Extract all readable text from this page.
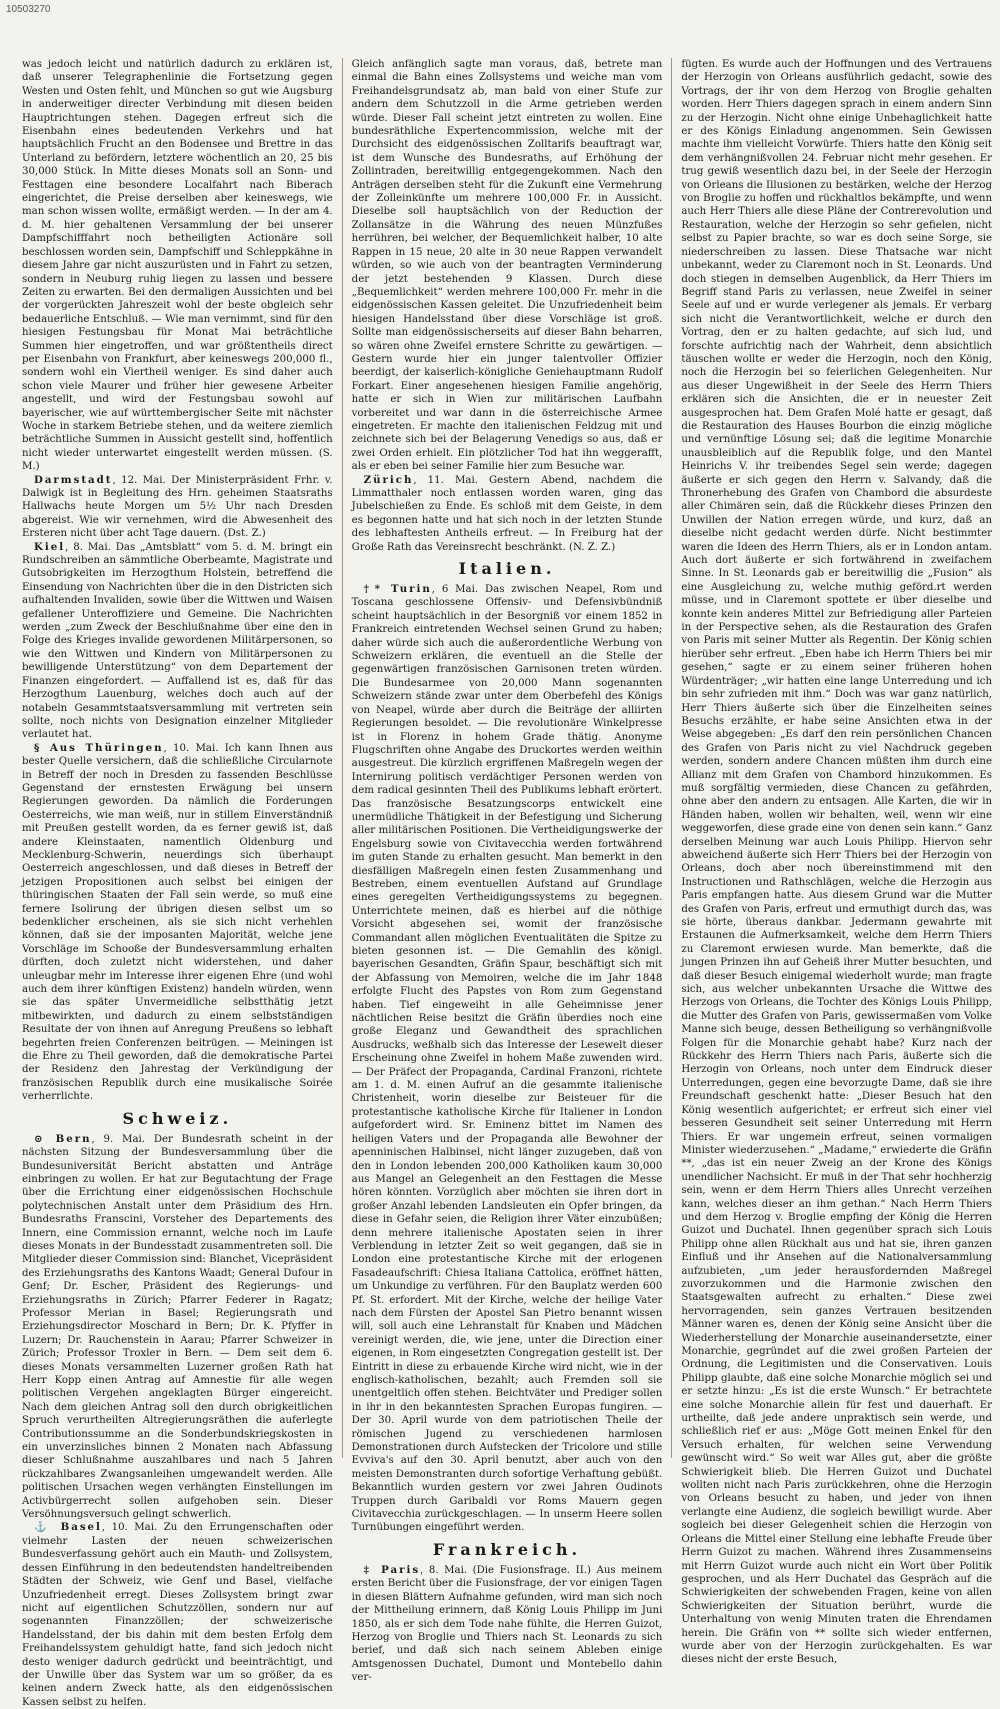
10503270

was jedoch leicht und natürlich dadurch zu erklären ist, daß unserer Telegraphenlinie die Fortsetzung gegen Westen und Osten fehlt, und München so gut wie Augsburg in anderweitiger directer Verbindung mit diesen beiden Hauptrichtungen stehen. Dagegen erfreut sich die Eisenbahn eines bedeutenden Verkehrs und hat hauptsächlich Frucht an den Bodensee und Brettre in das Unterland zu befördern, letztere wöchentlich an 20, 25 bis 30,000 Stück. In Mitte dieses Monats soll an Sonn- und Festtagen eine besondere Localfahrt nach Biberach eingerichtet, die Preise derselben aber keineswegs, wie man schon wissen wollte, ermäßigt werden. — In der am 4. d. M. hier gehaltenen Versammlung der bei unserer Dampfschifffahrt noch betheiligten Actionäre soll beschlossen worden sein, Dampfschiff und Schleppkähne in diesem Jahre gar nicht auszurüsten und in Fahrt zu setzen, sondern in Neuburg ruhig liegen zu lassen und bessere Zeiten zu erwarten. Bei den dermaligen Aussichten und bei der vorgerückten Jahreszeit wohl der beste obgleich sehr bedauerliche Entschluß. — Wie man vernimmt, sind für den hiesigen Festungsbau für Monat Mai beträchtliche Summen hier eingetroffen, und war größtentheils direct per Eisenbahn von Frankfurt, aber keineswegs 200,000 fl., sondern wohl ein Viertheil weniger. Es sind daher auch schon viele Maurer und früher hier gewesene Arbeiter angestellt, und wird der Festungsbau sowohl auf bayerischer, wie auf württembergischer Seite mit nächster Woche in starkem Betriebe stehen, und da weitere ziemlich beträchtliche Summen in Aussicht gestellt sind, hoffentlich nicht wieder unterwartet eingestellt werden müssen. (S. M.)

Darmstadt, 12. Mai. Der Ministerpräsident Frhr. v. Dalwigk ist in Begleitung des Hrn. geheimen Staatsraths Hallwachs heute Morgen um 5½ Uhr nach Dresden abgereist. Wie wir vernehmen, wird die Abwesenheit des Ersteren nicht über acht Tage dauern. (Dst. Z.)

Kiel, 8. Mai. Das „Amtsblatt“ vom 5. d. M. bringt ein Rundschreiben an sämmtliche Oberbeamte, Magistrate und Gutsobrigkeiten im Herzogthum Holstein, betreffend die Einsendung von Nachrichten über die in den Districten sich aufhaltenden Invaliden, sowie über die Wittwen und Waisen gefallener Unteroffiziere und Gemeine. Die Nachrichten werden „zum Zweck der Beschlußnahme über eine den in Folge des Krieges invalide gewordenen Militärpersonen, so wie den Wittwen und Kindern von Militärpersonen zu bewilligende Unterstützung“ von dem Departement der Finanzen eingefordert. — Auffallend ist es, daß für das Herzogthum Lauenburg, welches doch auch auf der notabeln Gesammtstaatsversammlung mit vertreten sein sollte, noch nichts von Designation einzelner Mitglieder verlautet hat.

§ Aus Thüringen, 10. Mai. Ich kann Ihnen aus bester Quelle versichern, daß die schließliche Circularnote in Betreff der noch in Dresden zu fassenden Beschlüsse Gegenstand der ernstesten Erwägung bei unsern Regierungen geworden. Da nämlich die Forderungen Oesterreichs, wie man weiß, nur in stillem Einverständniß mit Preußen gestellt worden, da es ferner gewiß ist, daß andere Kleinstaaten, namentlich Oldenburg und Mecklenburg-Schwerin, neuerdings sich überhaupt Oesterreich angeschlossen, und daß dieses in Betreff der jetzigen Propositionen auch selbst bei einigen der thüringischen Staaten der Fall sein werde, so muß eine fernere Isolirung der übrigen diesen selbst um so bedenklicher erscheinen, als sie sich nicht verhehlen können, daß sie der imposanten Majorität, welche jene Vorschläge im Schooße der Bundesversammlung erhalten dürften, doch zuletzt nicht widerstehen, und daher unleugbar mehr im Interesse ihrer eigenen Ehre (und wohl auch dem ihrer künftigen Existenz) handeln würden, wenn sie das später Unvermeidliche selbstthätig jetzt mitbewirkten, und dadurch zu einem selbstständigen Resultate der von ihnen auf Anregung Preußens so lebhaft begehrten freien Conferenzen beitrügen. — Meiningen ist die Ehre zu Theil geworden, daß die demokratische Partei der Residenz den Jahrestag der Verkündigung der französischen Republik durch eine musikalische Soirée verherrlichte.

Schweiz.

⊙ Bern, 9. Mai. Der Bundesrath scheint in der nächsten Sitzung der Bundesversammlung über die Bundesuniversität Bericht abstatten und Anträge einbringen zu wollen. Er hat zur Begutachtung der Frage über die Errichtung einer eidgenössischen Hochschule polytechnischen Anstalt unter dem Präsidium des Hrn. Bundesraths Franscini, Vorsteher des Departements des Innern, eine Commission ernannt, welche noch im Laufe dieses Monats in der Bundesstadt zusammentreten soll. Die Mitglieder dieser Commission sind: Blanchet, Vicepräsident des Erziehungsraths des Kantons Waadt; General Dufour in Genf; Dr. Escher, Präsident des Regierungs- und Erziehungsraths in Zürich; Pfarrer Federer in Ragatz; Professor Merian in Basel; Regierungsrath und Erziehungsdirector Moschard in Bern; Dr. K. Pfyffer in Luzern; Dr. Rauchenstein in Aarau; Pfarrer Schweizer in Zürich; Professor Troxler in Bern. — Dem seit dem 6. dieses Monats versammelten Luzerner großen Rath hat Herr Kopp einen Antrag auf Amnestie für alle wegen politischen Vergehen angeklagten Bürger eingereicht. Nach dem gleichen Antrag soll den durch obrigkeitlichen Spruch verurtheilten Altregierungsräthen die auferlegte Contributionssumme an die Sonderbundskriegskosten in ein unverzinsliches binnen 2 Monaten nach Abfassung dieser Schlußnahme auszahlbares und nach 5 Jahren rückzahlbares Zwangsanleihen umgewandelt werden. Alle politischen Ursachen wegen verhängten Einstellungen im Activbürgerrecht sollen aufgehoben sein. Dieser Versöhnungsversuch gelingt schwerlich.

⚓ Basel, 10. Mai. Zu den Errungenschaften oder vielmehr Lasten der neuen schweizerischen Bundesverfassung gehört auch ein Mauth- und Zollsystem, dessen Einführung in den bedeutendsten handeltreibenden Städten der Schweiz, wie Genf und Basel, vielfache Unzufriedenheit erregt. Dieses Zollsystem bringt zwar nicht auf eigentlichen Schutzzöllen, sondern nur auf sogenannten Finanzzöllen; der schweizerische Handelsstand, der bis dahin mit dem besten Erfolg dem Freihandelssystem gehuldigt hatte, fand sich jedoch nicht desto weniger dadurch gedrückt und beeinträchtigt, und der Unwille über das System war um so größer, da es keinen andern Zweck hatte, als den eidgenössischen Kassen selbst zu helfen.

Gleich anfänglich sagte man voraus, daß, betrete man einmal die Bahn eines Zollsystems und weiche man vom Freihandelsgrundsatz ab, man bald von einer Stufe zur andern dem Schutzzoll in die Arme getrieben werden würde. Dieser Fall scheint jetzt eintreten zu wollen. Eine bundesräthliche Expertencommission, welche mit der Durchsicht des eidgenössischen Zolltarifs beauftragt war, ist dem Wunsche des Bundesraths, auf Erhöhung der Zollintraden, bereitwillig entgegengekommen. Nach den Anträgen derselben steht für die Zukunft eine Vermehrung der Zolleinkünfte um mehrere 100,000 Fr. in Aussicht. Dieselbe soll hauptsächlich von der Reduction der Zollansätze in die Währung des neuen Münzfußes herrühren, bei welcher, der Bequemlichkeit halber, 10 alte Rappen in 15 neue, 20 alte in 30 neue Rappen verwandelt würden, so wie auch von der beantragten Verminderung der jetzt bestehenden 9 Klassen. Durch diese „Bequemlichkeit“ werden mehrere 100,000 Fr. mehr in die eidgenössischen Kassen geleitet. Die Unzufriedenheit beim hiesigen Handelsstand über diese Vorschläge ist groß. Sollte man eidgenössischerseits auf dieser Bahn beharren, so wären ohne Zweifel ernstere Schritte zu gewärtigen. — Gestern wurde hier ein junger talentvoller Offizier beerdigt, der kaiserlich-königliche Geniehauptmann Rudolf Forkart. Einer angesehenen hiesigen Familie angehörig, hatte er sich in Wien zur militärischen Laufbahn vorbereitet und war dann in die österreichische Armee eingetreten. Er machte den italienischen Feldzug mit und zeichnete sich bei der Belagerung Venedigs so aus, daß er zwei Orden erhielt. Ein plötzlicher Tod hat ihn weggerafft, als er eben bei seiner Familie hier zum Besuche war.

Zürich, 11. Mai. Gestern Abend, nachdem die Limmatthaler noch entlassen worden waren, ging das Jubelschießen zu Ende. Es schloß mit dem Geiste, in dem es begonnen hatte und hat sich noch in der letzten Stunde des lebhaftesten Antheils erfreut. — In Freiburg hat der Große Rath das Vereinsrecht beschränkt. (N. Z. Z.)

Italien.

†* Turin, 6 Mai. Das zwischen Neapel, Rom und Toscana geschlossene Offensiv- und Defensivbündniß scheint hauptsächlich in der Besorgniß vor einem 1852 in Frankreich eintretenden Wechsel seinen Grund zu haben; daher würde sich auch die außerordentliche Werbung von Schweizern erklären, die eventuell an die Stelle der gegenwärtigen französischen Garnisonen treten würden. Die Bundesarmee von 20,000 Mann sogenannten Schweizern stände zwar unter dem Oberbefehl des Königs von Neapel, würde aber durch die Beiträge der alliirten Regierungen besoldet. — Die revolutionäre Winkelpresse ist in Florenz in hohem Grade thätig. Anonyme Flugschriften ohne Angabe des Druckortes werden weithin ausgestreut. Die kürzlich ergriffenen Maßregeln wegen der Internirung politisch verdächtiger Personen werden von dem radical gesinnten Theil des Publikums lebhaft erörtert. Das französische Besatzungscorps entwickelt eine unermüdliche Thätigkeit in der Befestigung und Sicherung aller militärischen Positionen. Die Vertheidigungswerke der Engelsburg sowie von Civitavecchia werden fortwährend im guten Stande zu erhalten gesucht. Man bemerkt in den diesfälligen Maßregeln einen festen Zusammenhang und Bestreben, einem eventuellen Aufstand auf Grundlage eines geregelten Vertheidigungssystems zu begegnen. Unterrichtete meinen, daß es hierbei auf die nöthige Vorsicht abgesehen sei, womit der französische Commandant allen möglichen Eventualitäten die Spitze zu bieten gesonnen ist. — Die Gemahlin des königl. bayerischen Gesandten, Gräfin Spaur, beschäftigt sich mit der Abfassung von Memoiren, welche die im Jahr 1848 erfolgte Flucht des Papstes von Rom zum Gegenstand haben. Tief eingeweiht in alle Geheimnisse jener nächtlichen Reise besitzt die Gräfin überdies noch eine große Eleganz und Gewandtheit des sprachlichen Ausdrucks, weßhalb sich das Interesse der Lesewelt dieser Erscheinung ohne Zweifel in hohem Maße zuwenden wird. — Der Präfect der Propaganda, Cardinal Franzoni, richtete am 1. d. M. einen Aufruf an die gesammte italienische Christenheit, worin dieselbe zur Beisteuer für die protestantische katholische Kirche für Italiener in London aufgefordert wird. Sr. Eminenz bittet im Namen des heiligen Vaters und der Propaganda alle Bewohner der apenninischen Halbinsel, nicht länger zuzugeben, daß von den in London lebenden 200,000 Katholiken kaum 30,000 aus Mangel an Gelegenheit an den Festtagen die Messe hören könnten. Vorzüglich aber möchten sie ihren dort in großer Anzahl lebenden Landsleuten ein Opfer bringen, da diese in Gefahr seien, die Religion ihrer Väter einzubüßen; denn mehrere italienische Apostaten seien in ihrer Verblendung in letzter Zeit so weit gegangen, daß sie in London eine protestantische Kirche mit der erlogenen Fasadeaufschrift: Chiesa Italiana Cattolica, eröffnet hätten, um Unkundige zu verführen. Für den Bauplatz werden 600 Pf. St. erfordert. Mit der Kirche, welche der heilige Vater nach dem Fürsten der Apostel San Pietro benannt wissen will, soll auch eine Lehranstalt für Knaben und Mädchen vereinigt werden, die, wie jene, unter die Direction einer eigenen, in Rom eingesetzten Congregation gestellt ist. Der Eintritt in diese zu erbauende Kirche wird nicht, wie in der englisch-katholischen, bezahlt; auch Fremden soll sie unentgeltlich offen stehen. Beichtväter und Prediger sollen in ihr in den bekanntesten Sprachen Europas fungiren. — Der 30. April wurde von dem patriotischen Theile der römischen Jugend zu verschiedenen harmlosen Demonstrationen durch Aufstecken der Tricolore und stille Evviva's auf den 30. April benutzt, aber auch von den meisten Demonstranten durch sofortige Verhaftung gebüßt. Bekanntlich wurden gestern vor zwei Jahren Oudinots Truppen durch Garibaldi vor Roms Mauern gegen Civitavecchia zurückgeschlagen. — In unserm Heere sollen Turnübungen eingeführt werden.

Frankreich.

‡ Paris, 8. Mai. (Die Fusionsfrage. II.) Aus meinem ersten Bericht über die Fusionsfrage, der vor einigen Tagen in diesen Blättern Aufnahme gefunden, wird man sich noch der Mittheilung erinnern, daß König Louis Philipp im Juni 1850, als er sich dem Tode nahe fühlte, die Herren Guizot, Herzog von Broglie und Thiers nach St. Leonards zu sich berief, und daß sich nach seinem Ableben einige Amtsgenossen Duchatel, Dumont und Montebello dahin ver-

fügten. Es wurde auch der Hoffnungen und des Vertrauens der Herzogin von Orleans ausführlich gedacht, sowie des Vortrags, der ihr von dem Herzog von Broglie gehalten worden. Herr Thiers dagegen sprach in einem andern Sinn zu der Herzogin. Nicht ohne einige Unbehaglichkeit hatte er des Königs Einladung angenommen. Sein Gewissen machte ihm vielleicht Vorwürfe. Thiers hatte den König seit dem verhängnißvollen 24. Februar nicht mehr gesehen. Er trug gewiß wesentlich dazu bei, in der Seele der Herzogin von Orleans die Illusionen zu bestärken, welche der Herzog von Broglie zu hoffen und rückhaltlos bekämpfte, und wenn auch Herr Thiers alle diese Pläne der Contrerevolution und Restauration, welche der Herzogin so sehr gefielen, nicht selbst zu Papier brachte, so war es doch seine Sorge, sie niederschreiben zu lassen. Diese Thatsache war nicht unbekannt, weder zu Claremont noch in St. Leonards. Und doch stiegen in demselben Augenblick, da Herr Thiers im Begriff stand Paris zu verlassen, neue Zweifel in seiner Seele auf und er wurde verlegener als jemals. Er verbarg sich nicht die Verantwortlichkeit, welche er durch den Vortrag, den er zu halten gedachte, auf sich lud, und forschte aufrichtig nach der Wahrheit, denn absichtlich täuschen wollte er weder die Herzogin, noch den König, noch die Herzogin bei so feierlichen Gelegenheiten. Nur aus dieser Ungewißheit in der Seele des Herrn Thiers erklären sich die Ansichten, die er in neuester Zeit ausgesprochen hat. Dem Grafen Molé hatte er gesagt, daß die Restauration des Hauses Bourbon die einzig mögliche und vernünftige Lösung sei; daß die legitime Monarchie unausbleiblich auf die Republik folge, und den Mantel Heinrichs V. ihr treibendes Segel sein werde; dagegen äußerte er sich gegen den Herrn v. Salvandy, daß die Thronerhebung des Grafen von Chambord die absurdeste aller Chimären sein, daß die Rückkehr dieses Prinzen den Unwillen der Nation erregen würde, und kurz, daß an dieselbe nicht gedacht werden dürfe. Nicht bestimmter waren die Ideen des Herrn Thiers, als er in London antam. Auch dort äußerte er sich fortwährend in zweifachem Sinne. In St. Leonards gab er bereitwillig die „Fusion“ als eine Ausgleichung zu, welche muthig geförd.rt werden müsse, und in Claremont spottete er über dieselbe und konnte kein anderes Mittel zur Befriedigung aller Parteien in der Perspective sehen, als die Restauration des Grafen von Paris mit seiner Mutter als Regentin. Der König schien hierüber sehr erfreut. „Eben habe ich Herrn Thiers bei mir gesehen,“ sagte er zu einem seiner früheren hohen Würdenträger; „wir hatten eine lange Unterredung und ich bin sehr zufrieden mit ihm.“ Doch was war ganz natürlich, Herr Thiers äußerte sich über die Einzelheiten seines Besuchs erzählte, er habe seine Ansichten etwa in der Weise abgegeben: „Es darf den rein persönlichen Chancen des Grafen von Paris nicht zu viel Nachdruck gegeben werden, sondern andere Chancen müßten ihm durch eine Allianz mit dem Grafen von Chambord hinzukommen. Es muß sorgfältig vermieden, diese Chancen zu gefährden, ohne aber den andern zu entsagen. Alle Karten, die wir in Händen haben, wollen wir behalten, weil, wenn wir eine weggeworfen, diese grade eine von denen sein kann.“ Ganz derselben Meinung war auch Louis Philipp. Hiervon sehr abweichend äußerte sich Herr Thiers bei der Herzogin von Orleans, doch aber noch übereinstimmend mit den Instructionen und Rathschlägen, welche die Herzogin aus Paris empfangen hatte. Aus diesem Grund war die Mutter des Grafen von Paris, erfreut und ermuthigt durch das, was sie hörte, überaus dankbar. Jedermann gewahrte mit Erstaunen die Aufmerksamkeit, welche dem Herrn Thiers zu Claremont erwiesen wurde. Man bemerkte, daß die jungen Prinzen ihn auf Geheiß ihrer Mutter besuchten, und daß dieser Besuch einigemal wiederholt wurde; man fragte sich, aus welcher unbekannten Ursache die Wittwe des Herzogs von Orleans, die Tochter des Königs Louis Philipp, die Mutter des Grafen von Paris, gewissermaßen vom Volke Manne sich beuge, dessen Betheiligung so verhängnißvolle Folgen für die Monarchie gehabt habe? Kurz nach der Rückkehr des Herrn Thiers nach Paris, äußerte sich die Herzogin von Orleans, noch unter dem Eindruck dieser Unterredungen, gegen eine bevorzugte Dame, daß sie ihre Freundschaft geschenkt hatte: „Dieser Besuch hat den König wesentlich aufgerichtet; er erfreut sich einer viel besseren Gesundheit seit seiner Unterredung mit Herrn Thiers. Er war ungemein erfreut, seinen vormaligen Minister wiederzusehen.“ „Madame,“ erwiederte die Gräfin **, „das ist ein neuer Zweig an der Krone des Königs unendlicher Nachsicht. Er muß in der That sehr hochherzig sein, wenn er dem Herrn Thiers alles Unrecht verzeihen kann, welches dieser an ihm gethan.“ Nach Herrn Thiers und dem Herzog v. Broglie empfing der König die Herren Guizot und Duchatel. Ihnen gegenüber sprach sich Louis Philipp ohne allen Rückhalt aus und hat sie, ihren ganzen Einfluß und ihr Ansehen auf die Nationalversammlung aufzubieten, „um jeder herausfordernden Maßregel zuvorzukommen und die Harmonie zwischen den Staatsgewalten aufrecht zu erhalten.“ Diese zwei hervorragenden, sein ganzes Vertrauen besitzenden Männer waren es, denen der König seine Ansicht über die Wiederherstellung der Monarchie auseinandersetzte, einer Monarchie, gegründet auf die zwei großen Parteien der Ordnung, die Legitimisten und die Conservativen. Louis Philipp glaubte, daß eine solche Monarchie möglich sei und er setzte hinzu: „Es ist die erste Wunsch.“ Er betrachtete eine solche Monarchie allein für fest und dauerhaft. Er urtheilte, daß jede andere unpraktisch sein werde, und schließlich rief er aus: „Möge Gott meinen Enkel für den Versuch erhalten, für welchen seine Verwendung gewünscht wird.“ So weit war Alles gut, aber die größte Schwierigkeit blieb. Die Herren Guizot und Duchatel wollten nicht nach Paris zurückkehren, ohne die Herzogin von Orleans besucht zu haben, und jeder von ihnen verlangte eine Audienz, die sogleich bewilligt wurde. Aber sogleich bei dieser Gelegenheit schien die Herzogin von Orleans die Mittel einer Stellung eine lebhafte Freude über Herrn Guizot zu machen. Während ihres Zusammenseins mit Herrn Guizot wurde auch nicht ein Wort über Politik gesprochen, und als Herr Duchatel das Gespräch auf die Schwierigkeiten der schwebenden Fragen, keine von allen Schwierigkeiten der Situation berührt, wurde die Unterhaltung von wenig Minuten traten die Ehrendamen herein. Die Gräfin von ** sollte sich wieder entfernen, wurde aber von der Herzogin zurückgehalten. Es war dieses nicht der erste Besuch,
